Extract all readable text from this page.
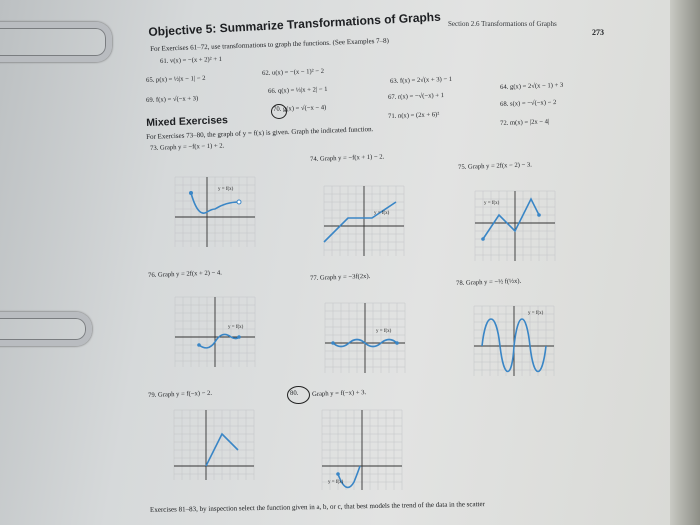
Section 2.6 Transformations of Graphs
273
Objective 5: Summarize Transformations of Graphs
For Exercises 61–72, use transformations to graph the functions. (See Examples 7–8)
61. v(x) = −(x + 2)² + 1
62. u(x) = −(x − 1)² − 2
63. f(x) = 2√(x + 3) − 1
64. g(x) = 2√(x − 1) + 3
65. p(x) = ½|x − 1| − 2
66. q(x) = ⅓|x + 2| − 1
67. r(x) = −√(−x) + 1
68. s(x) = −√(−x) − 2
69. f(x) = √(−x + 3)
70. g(x) = √(−x − 4)
71. n(x) = (2x + 6)²
72. m(x) = |2x − 4|
Mixed Exercises
For Exercises 73–80, the graph of y = f(x) is given. Graph the indicated function.
73. Graph y = −f(x − 1) + 2.
74. Graph y = −f(x + 1) − 2.
75. Graph y = 2f(x − 2) − 3.
76. Graph y = 2f(x + 2) − 4.	77. Graph y = −3f(2x).
78. Graph y = −½ f(½x).
79. Graph y = f(−x) − 2.	80. Graph y = f(−x) + 3.
y = f(x)
y = f(x)
y = f(x)
y = f(x)
y = f(x)
y = f(x)
y = f(x)
Exercises 81–83, by inspection select the function given in a, b, or c, that best models the trend of the data in the scatter
